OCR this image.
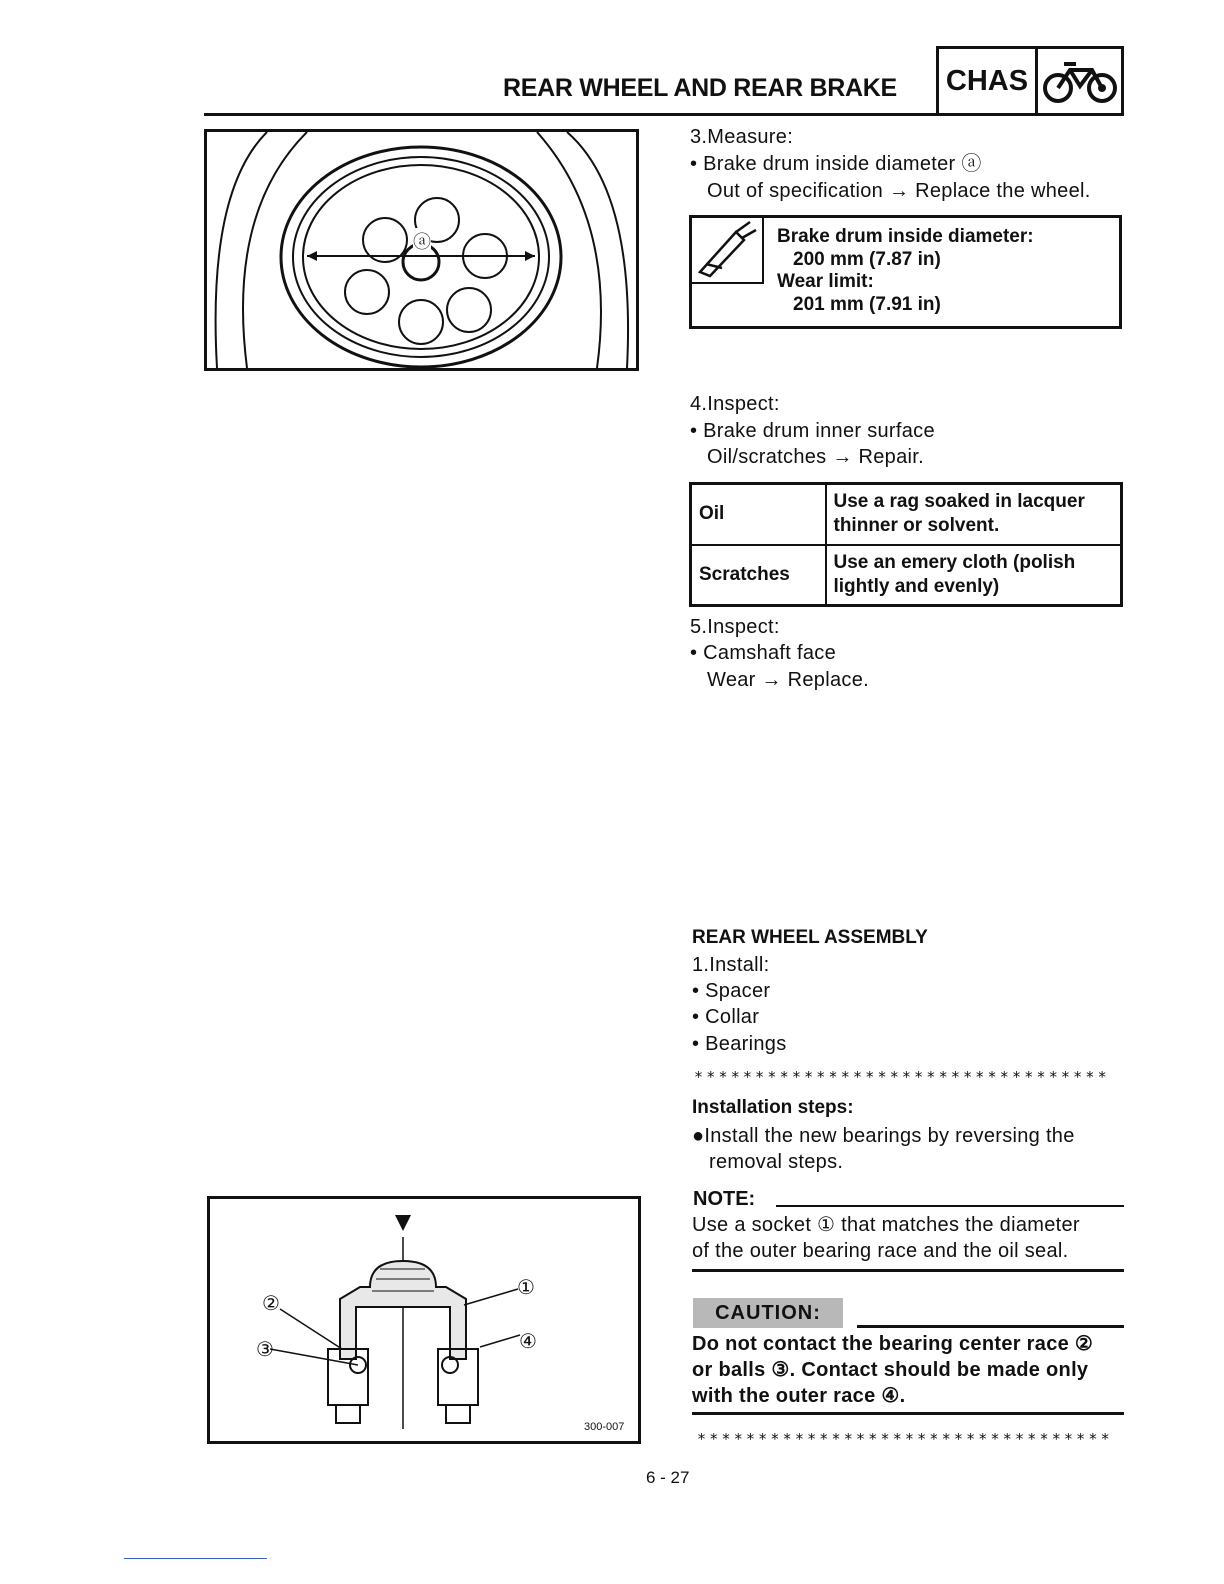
REAR WHEEL AND REAR BRAKE CHAS
ⓐ
3.Measure:
• Brake drum inside diameter ⓐ
Out of specification → Replace the wheel.
Brake drum inside diameter:
200 mm (7.87 in)
Wear limit:
201 mm (7.91 in)
4.Inspect:
• Brake drum inner surface
Oil/scratches → Repair.
Oil	Use a rag soaked in lacquer thinner or solvent.
Scratches	Use an emery cloth (polish lightly and evenly)
5.Inspect:
• Camshaft face
Wear → Replace.
REAR WHEEL ASSEMBLY
1.Install:
• Spacer
• Collar
• Bearings
**********************************
Installation steps:
●Install the new bearings by reversing the
removal steps.
NOTE:
Use a socket ① that matches the diameter
of the outer bearing race and the oil seal.
CAUTION:
Do not contact the bearing center race ②
or balls ③. Contact should be made only
with the outer race ④.
**********************************
①
②
③	④
300-007
6 - 27
